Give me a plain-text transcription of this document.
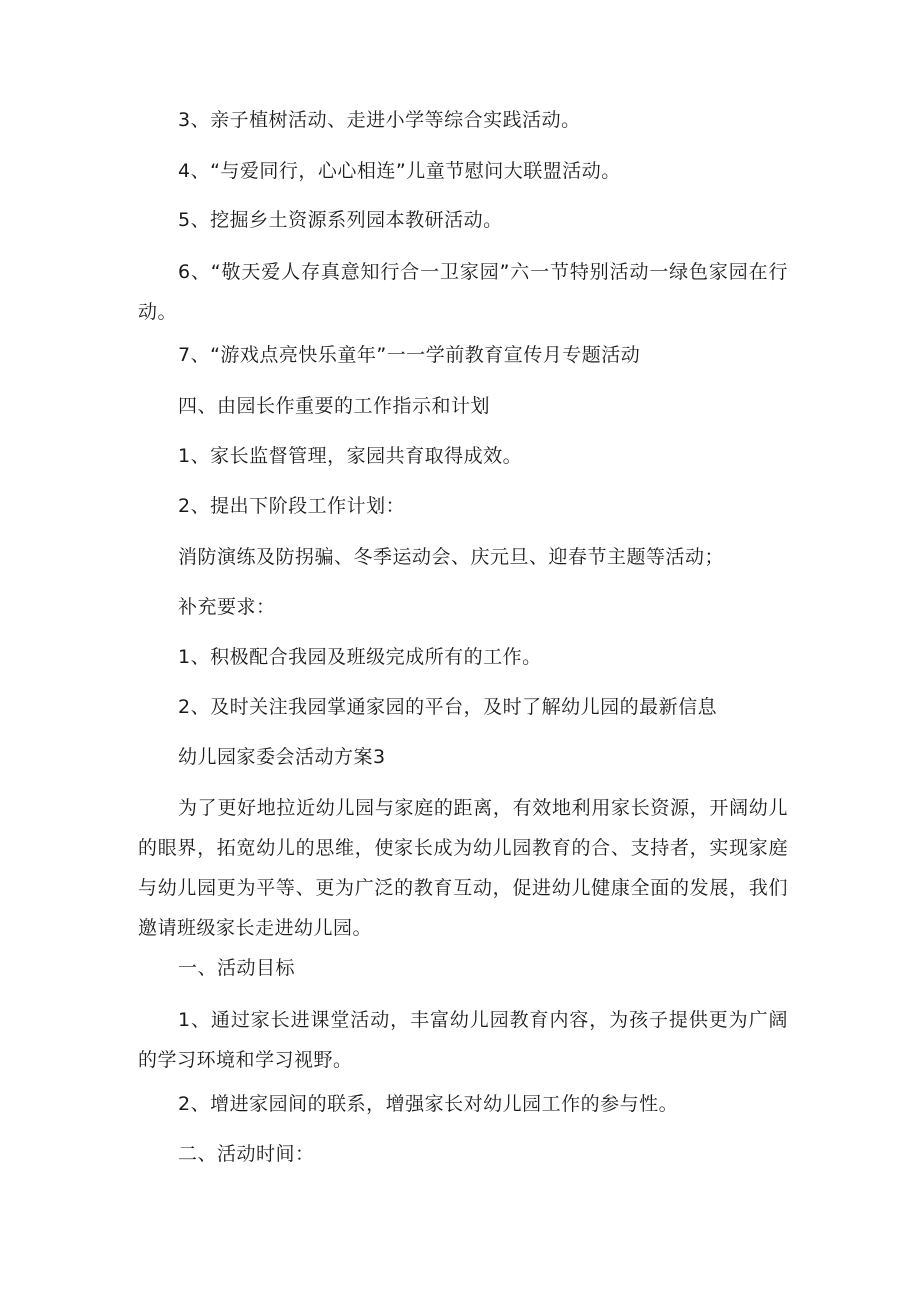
3、亲子植树活动、走进小学等综合实践活动。

4、“与爱同行，心心相连”儿童节慰问大联盟活动。

5、挖掘乡土资源系列园本教研活动。

6、“敬天爱人存真意知行合一卫家园”六一节特别活动一绿色家园在行动。

7、“游戏点亮快乐童年”一一学前教育宣传月专题活动

四、由园长作重要的工作指示和计划

1、家长监督管理，家园共育取得成效。

2、提出下阶段工作计划：

消防演练及防拐骗、冬季运动会、庆元旦、迎春节主题等活动；

补充要求：

1、积极配合我园及班级完成所有的工作。

2、及时关注我园掌通家园的平台，及时了解幼儿园的最新信息

幼儿园家委会活动方案3

为了更好地拉近幼儿园与家庭的距离，有效地利用家长资源，开阔幼儿的眼界，拓宽幼儿的思维，使家长成为幼儿园教育的合、支持者，实现家庭与幼儿园更为平等、更为广泛的教育互动，促进幼儿健康全面的发展，我们邀请班级家长走进幼儿园。

一、活动目标

1、通过家长进课堂活动，丰富幼儿园教育内容，为孩子提供更为广阔的学习环境和学习视野。

2、增进家园间的联系，增强家长对幼儿园工作的参与性。

二、活动时间：
